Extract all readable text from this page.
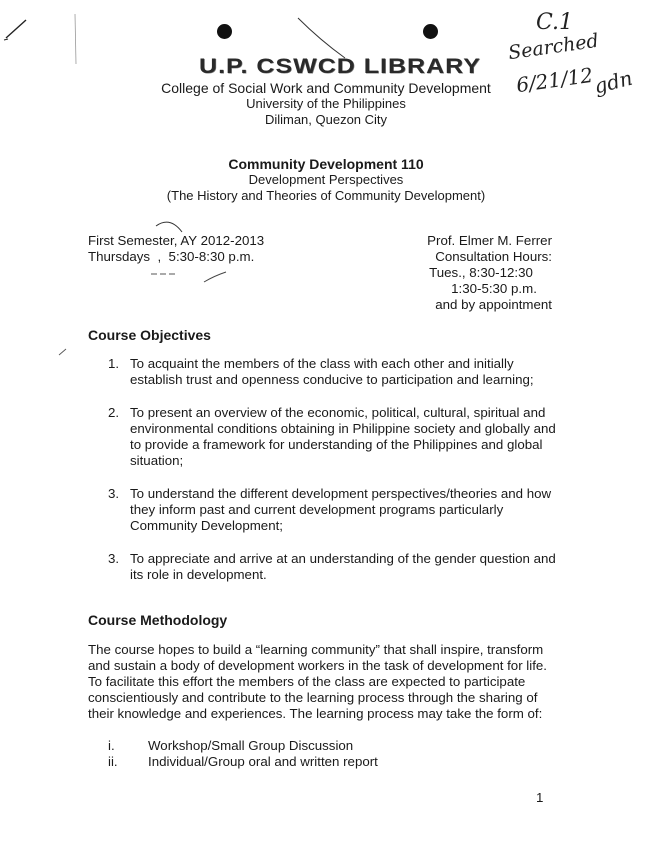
U.P. CSWCD LIBRARY
C.1
Searched
6/21/12
gdn
College of Social Work and Community Development
University of the Philippines
Diliman, Quezon City
Community Development 110
Development Perspectives
(The History and Theories of Community Development)
First Semester, AY 2012-2013
Thursdays  ,  5:30-8:30 p.m.
Prof. Elmer M. Ferrer
Consultation Hours:
Tues., 8:30-12:30
1:30-5:30 p.m.
and by appointment
Course Objectives
1. To acquaint the members of the class with each other and initially establish trust and openness conducive to participation and learning;
2. To present an overview of the economic, political, cultural, spiritual and environmental conditions obtaining in Philippine society and globally and to provide a framework for understanding of the Philippines and global situation;
3. To understand the different development perspectives/theories and how they inform past and current development programs particularly Community Development;
3. To appreciate and arrive at an understanding of the gender question and its role in development.
Course Methodology
The course hopes to build a “learning community” that shall inspire, transform and sustain a body of development workers in the task of development for life. To facilitate this effort the members of the class are expected to participate conscientiously and contribute to the learning process through the sharing of their knowledge and experiences. The learning process may take the form of:
i.	Workshop/Small Group Discussion
ii. Individual/Group oral and written report
1
